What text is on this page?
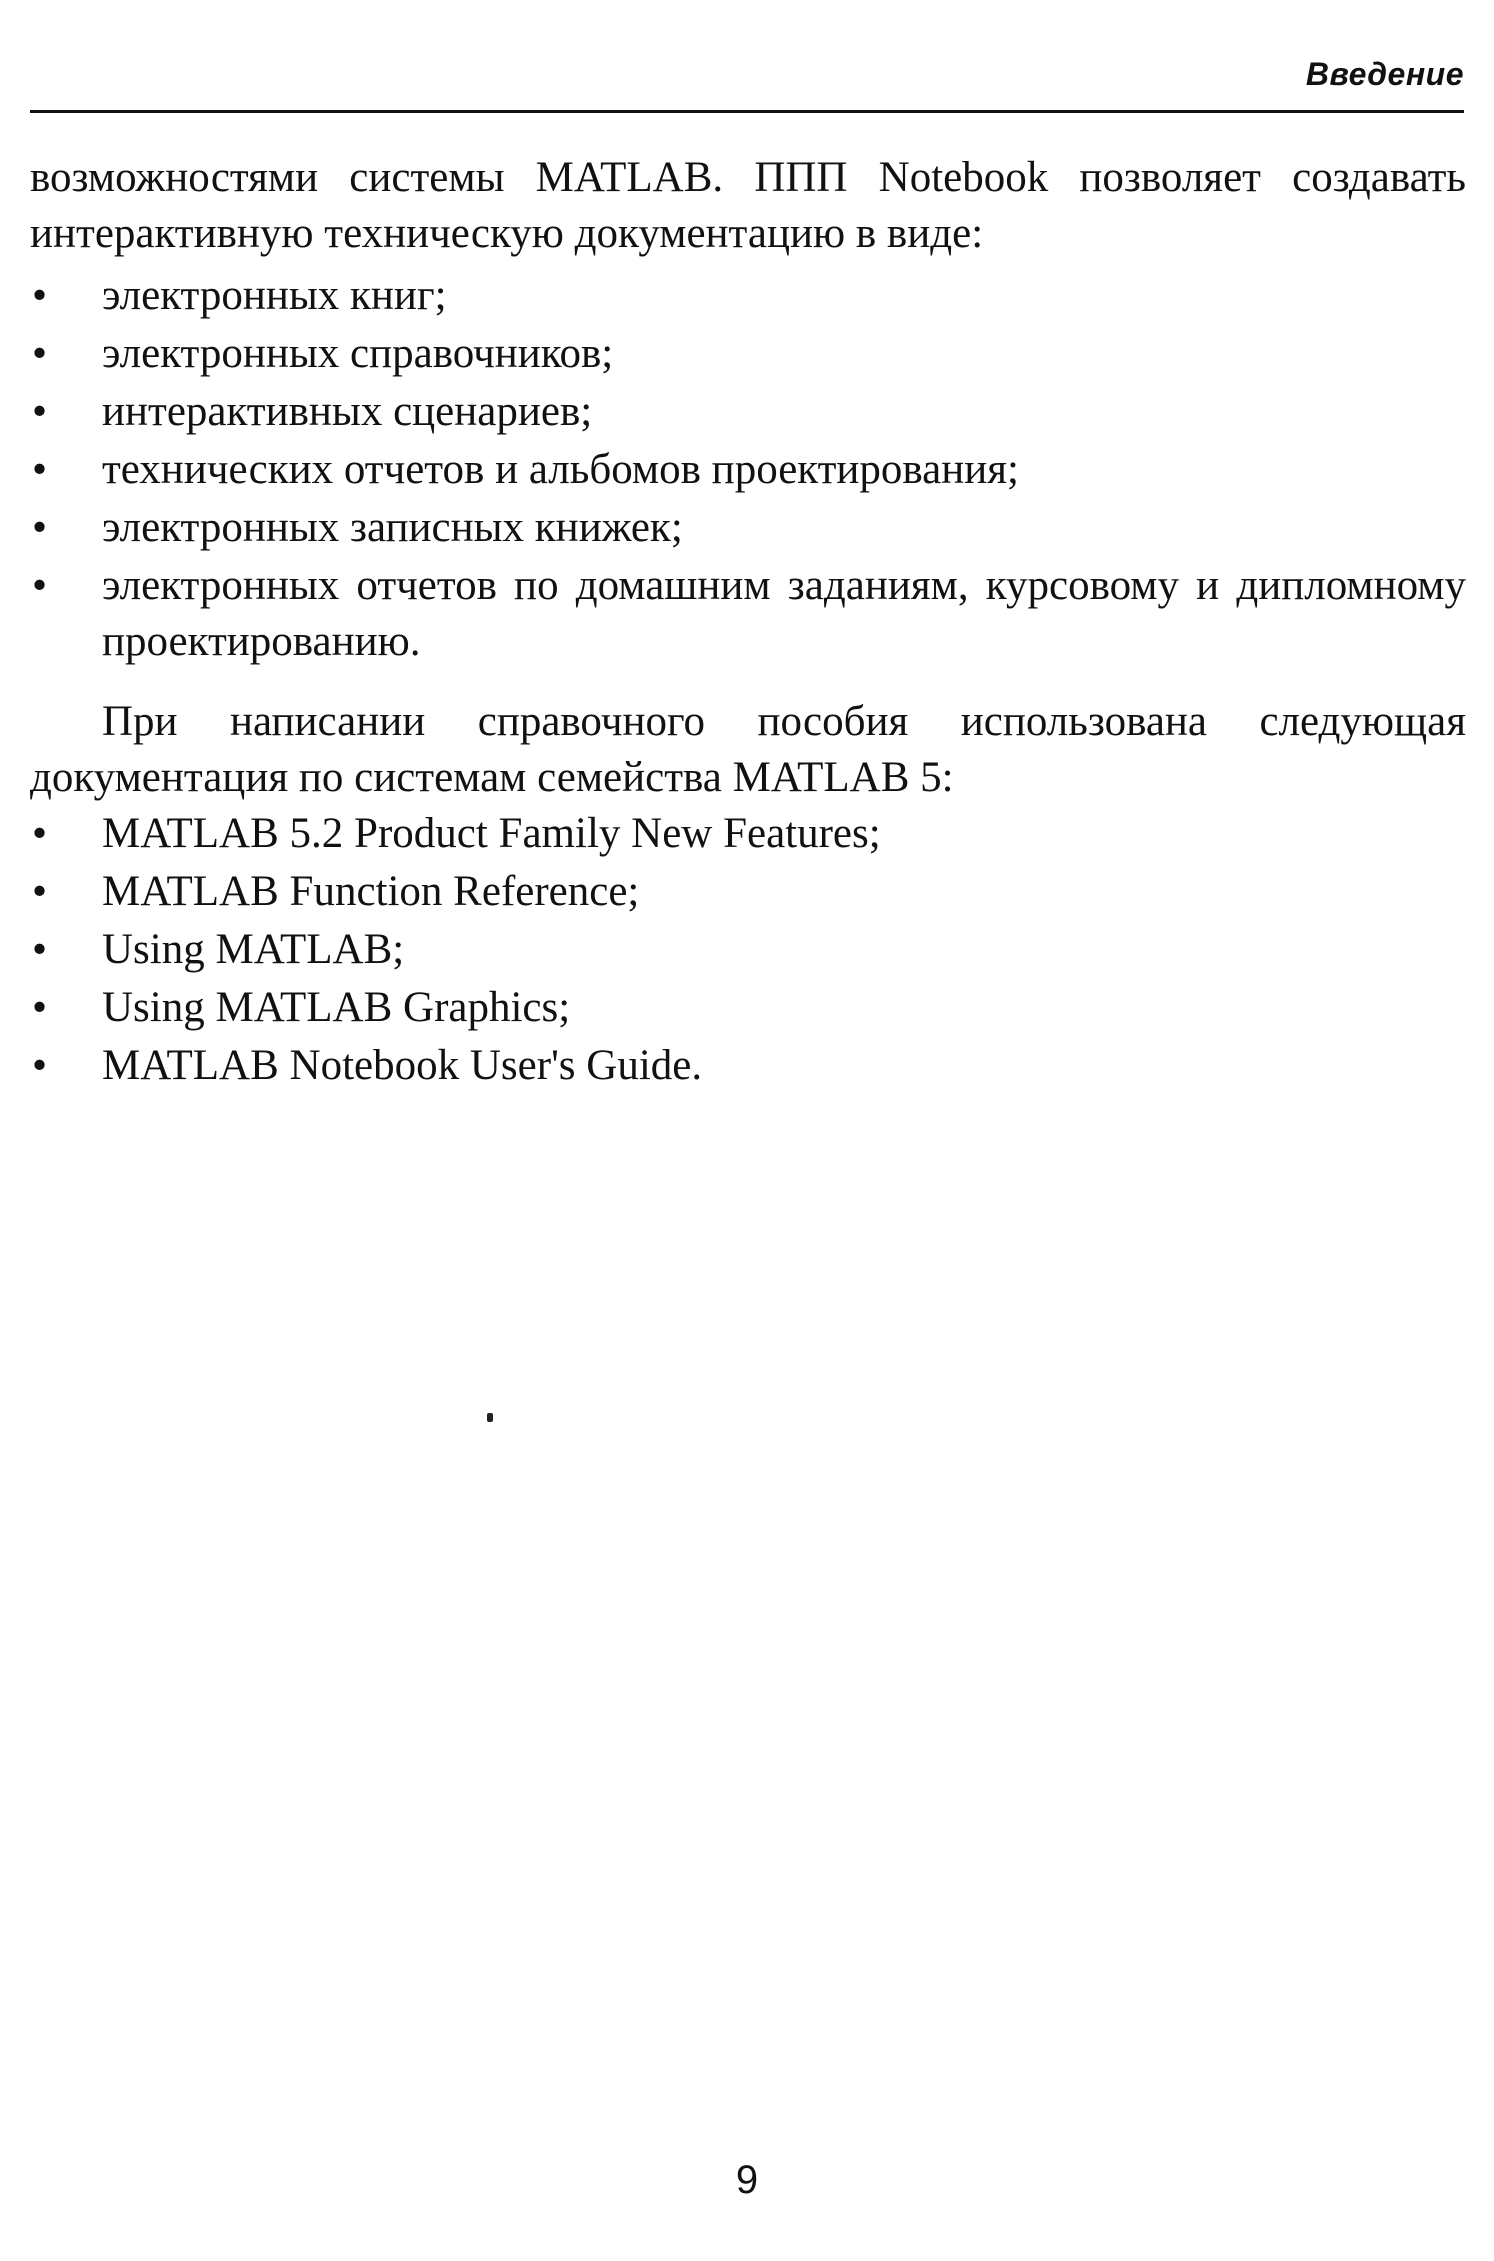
Введение

возможностями системы MATLAB. ППП Notebook позволяет создавать интерактивную техническую документацию в виде:

• электронных книг;
• электронных справочников;
• интерактивных сценариев;
• технических отчетов и альбомов проектирования;
• электронных записных книжек;
• электронных отчетов по домашним заданиям, курсовому и дипломному проектированию.

При написании справочного пособия использована следующая документация по системам семейства MATLAB 5:

• MATLAB 5.2 Product Family New Features;
• MATLAB Function Reference;
• Using MATLAB;
• Using MATLAB Graphics;
• MATLAB Notebook User's Guide.
9
